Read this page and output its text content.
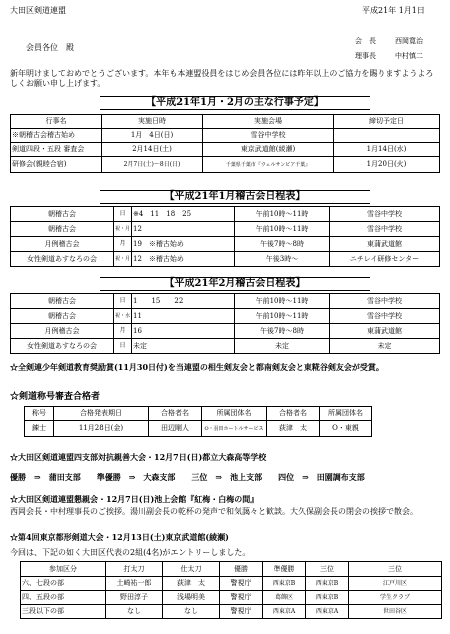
大田区剣道連盟	平成21年 1月1日
会員各位　殿
会　長	西岡寛治
理事長	中村慎二
新年明けましておめでとうございます。本年も本連盟役員をはじめ会員各位には昨年以上のご協力を賜りますようよろしくお願い申し上げます。
【平成21年1月・2月の主な行事予定】
行事名	実施日時	実施会場	締切予定日
※朝稽古会稽古始め	1月　4日(日)	雪谷中学校	
剣道四段・五段 審査会	2月14日(土)	東京武道館(綾瀬)	1月14日(水)
研修会(親睦合宿)	2月7日(土)〜8日(日)	千葉県千葉市『ウェルサンピア千葉』	1月20日(火)
【平成21年1月稽古会日程表】
朝稽古会	日	※4　11　18　25	午前10時〜11時	雪谷中学校
朝稽古会	祝・月	12	午前10時〜11時	雪谷中学校
月例稽古会	月	19　※稽古始め	午後7時〜8時	東蒲武道館
女性剣道あすなろの会	祝・月	12　※稽古始め	午後3時〜	ニチレイ研修センター
【平成21年2月稽古会日程表】
朝稽古会	日	1　　15　　22	午前10時〜11時	雪谷中学校
朝稽古会	祝・水	11	午前10時〜11時	雪谷中学校
月例稽古会	月	16	午後7時〜8時	東蒲武道館
女性剣道あすなろの会	日	未定	未定	未定
☆全剣連少年剣道教育奨励賞(11月30日付)を当連盟の相生剣友会と都南剣友会と東糀谷剣友会が受賞。
☆剣道称号審査合格者
称号	合格発表期日	合格者名	所属団体名	合格者名	所属団体名
錬士	11月28日(金)	田辺剛人	O・羽田ホートルサービス	荻津　太	O・東親
☆大田区剣道連盟四支部対抗親善大会・12月7日(日)都立大森高等学校
優勝　⇒　蒲田支部　　準優勝　⇒　大森支部　　三位　⇒　池上支部　　四位　⇒　田園調布支部
☆大田区剣道連盟懇親会・12月7日(日)池上会館『紅梅・白梅の間』
西岡会長・中村理事長のご挨拶。湯川副会長の乾杯の発声で和気藹々と歓談。大久保副会長の閉会の挨拶で散会。
☆第4回東京都形剣道大会・12月13日(土)東京武道館(綾瀬)
今回は、下記の如く大田区代表の2組(4名)がエントリーしました。
参加区分	打太刀	仕太刀	優勝	準優勝	三位	三位
六、七段の部	土崎祐一郎	荻津　太	警視庁	西東京B	西東京B	江戸川区
四、五段の部	野田淳子	浅場明美	警視庁	葛飾区	西東京B	学生クラブ
三段以下の部	なし	なし	警視庁	西東京A	西東京A	世田谷区
